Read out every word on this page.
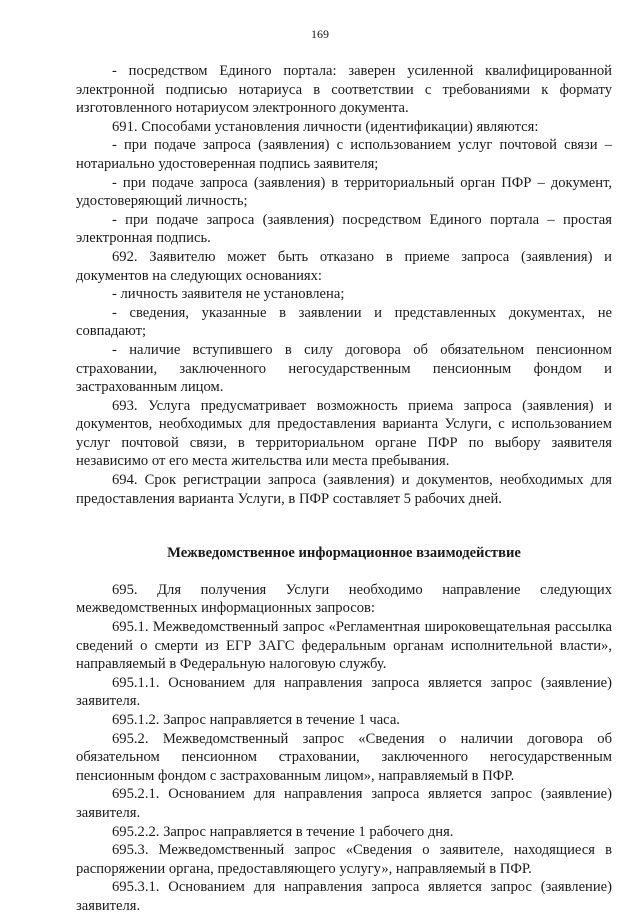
169

- посредством Единого портала: заверен усиленной квалифицированной электронной подписью нотариуса в соответствии с требованиями к формату изготовленного нотариусом электронного документа.

691. Способами установления личности (идентификации) являются:

- при подаче запроса (заявления) с использованием услуг почтовой связи – нотариально удостоверенная подпись заявителя;

- при подаче запроса (заявления) в территориальный орган ПФР – документ, удостоверяющий личность;

- при подаче запроса (заявления) посредством Единого портала – простая электронная подпись.

692. Заявителю может быть отказано в приеме запроса (заявления) и документов на следующих основаниях:

- личность заявителя не установлена;

- сведения, указанные в заявлении и представленных документах, не совпадают;

- наличие вступившего в силу договора об обязательном пенсионном страховании, заключенного негосударственным пенсионным фондом и застрахованным лицом.

693. Услуга предусматривает возможность приема запроса (заявления) и документов, необходимых для предоставления варианта Услуги, с использованием услуг почтовой связи, в территориальном органе ПФР по выбору заявителя независимо от его места жительства или места пребывания.

694. Срок регистрации запроса (заявления) и документов, необходимых для предоставления варианта Услуги, в ПФР составляет 5 рабочих дней.

Межведомственное информационное взаимодействие

695. Для получения Услуги необходимо направление следующих межведомственных информационных запросов:

695.1. Межведомственный запрос «Регламентная широковещательная рассылка сведений о смерти из ЕГР ЗАГС федеральным органам исполнительной власти», направляемый в Федеральную налоговую службу.

695.1.1. Основанием для направления запроса является запрос (заявление) заявителя.

695.1.2. Запрос направляется в течение 1 часа.

695.2. Межведомственный запрос «Сведения о наличии договора об обязательном пенсионном страховании, заключенного негосударственным пенсионным фондом с застрахованным лицом», направляемый в ПФР.

695.2.1. Основанием для направления запроса является запрос (заявление) заявителя.

695.2.2. Запрос направляется в течение 1 рабочего дня.

695.3. Межведомственный запрос «Сведения о заявителе, находящиеся в распоряжении органа, предоставляющего услугу», направляемый в ПФР.

695.3.1. Основанием для направления запроса является запрос (заявление) заявителя.
